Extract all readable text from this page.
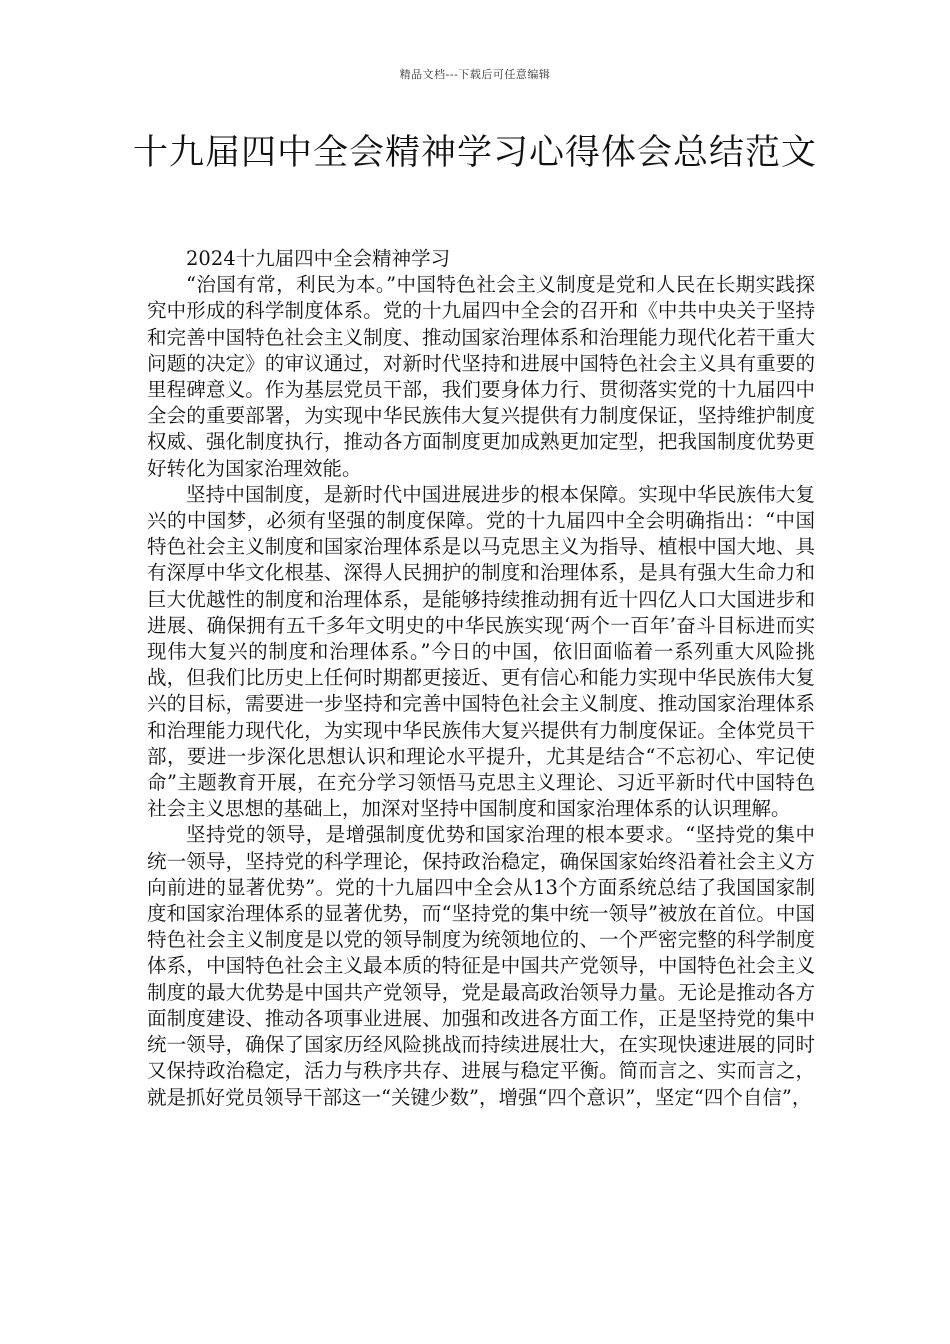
精品文档---下载后可任意编辑
十九届四中全会精神学习心得体会总结范文

2024十九届四中全会精神学习

“治国有常，利民为本。”中国特色社会主义制度是党和人民在长期实践探究中形成的科学制度体系。党的十九届四中全会的召开和《中共中央关于坚持和完善中国特色社会主义制度、推动国家治理体系和治理能力现代化若干重大问题的决定》的审议通过，对新时代坚持和进展中国特色社会主义具有重要的里程碑意义。作为基层党员干部，我们要身体力行、贯彻落实党的十九届四中全会的重要部署，为实现中华民族伟大复兴提供有力制度保证，坚持维护制度权威、强化制度执行，推动各方面制度更加成熟更加定型，把我国制度优势更好转化为国家治理效能。

坚持中国制度，是新时代中国进展进步的根本保障。实现中华民族伟大复兴的中国梦，必须有坚强的制度保障。党的十九届四中全会明确指出：“中国特色社会主义制度和国家治理体系是以马克思主义为指导、植根中国大地、具有深厚中华文化根基、深得人民拥护的制度和治理体系，是具有强大生命力和巨大优越性的制度和治理体系，是能够持续推动拥有近十四亿人口大国进步和进展、确保拥有五千多年文明史的中华民族实现‘两个一百年’奋斗目标进而实现伟大复兴的制度和治理体系。”今日的中国，依旧面临着一系列重大风险挑战，但我们比历史上任何时期都更接近、更有信心和能力实现中华民族伟大复兴的目标，需要进一步坚持和完善中国特色社会主义制度、推动国家治理体系和治理能力现代化，为实现中华民族伟大复兴提供有力制度保证。全体党员干部，要进一步深化思想认识和理论水平提升，尤其是结合“不忘初心、牢记使命”主题教育开展，在充分学习领悟马克思主义理论、习近平新时代中国特色社会主义思想的基础上，加深对坚持中国制度和国家治理体系的认识理解。

坚持党的领导，是增强制度优势和国家治理的根本要求。“坚持党的集中统一领导，坚持党的科学理论，保持政治稳定，确保国家始终沿着社会主义方向前进的显著优势”。党的十九届四中全会从13个方面系统总结了我国国家制度和国家治理体系的显著优势，而“坚持党的集中统一领导”被放在首位。中国特色社会主义制度是以党的领导制度为统领地位的、一个严密完整的科学制度体系，中国特色社会主义最本质的特征是中国共产党领导，中国特色社会主义制度的最大优势是中国共产党领导，党是最高政治领导力量。无论是推动各方面制度建设、推动各项事业进展、加强和改进各方面工作，正是坚持党的集中统一领导，确保了国家历经风险挑战而持续进展壮大，在实现快速进展的同时又保持政治稳定，活力与秩序共存、进展与稳定平衡。简而言之、实而言之，就是抓好党员领导干部这一“关键少数”，增强“四个意识”，坚定“四个自信”，
